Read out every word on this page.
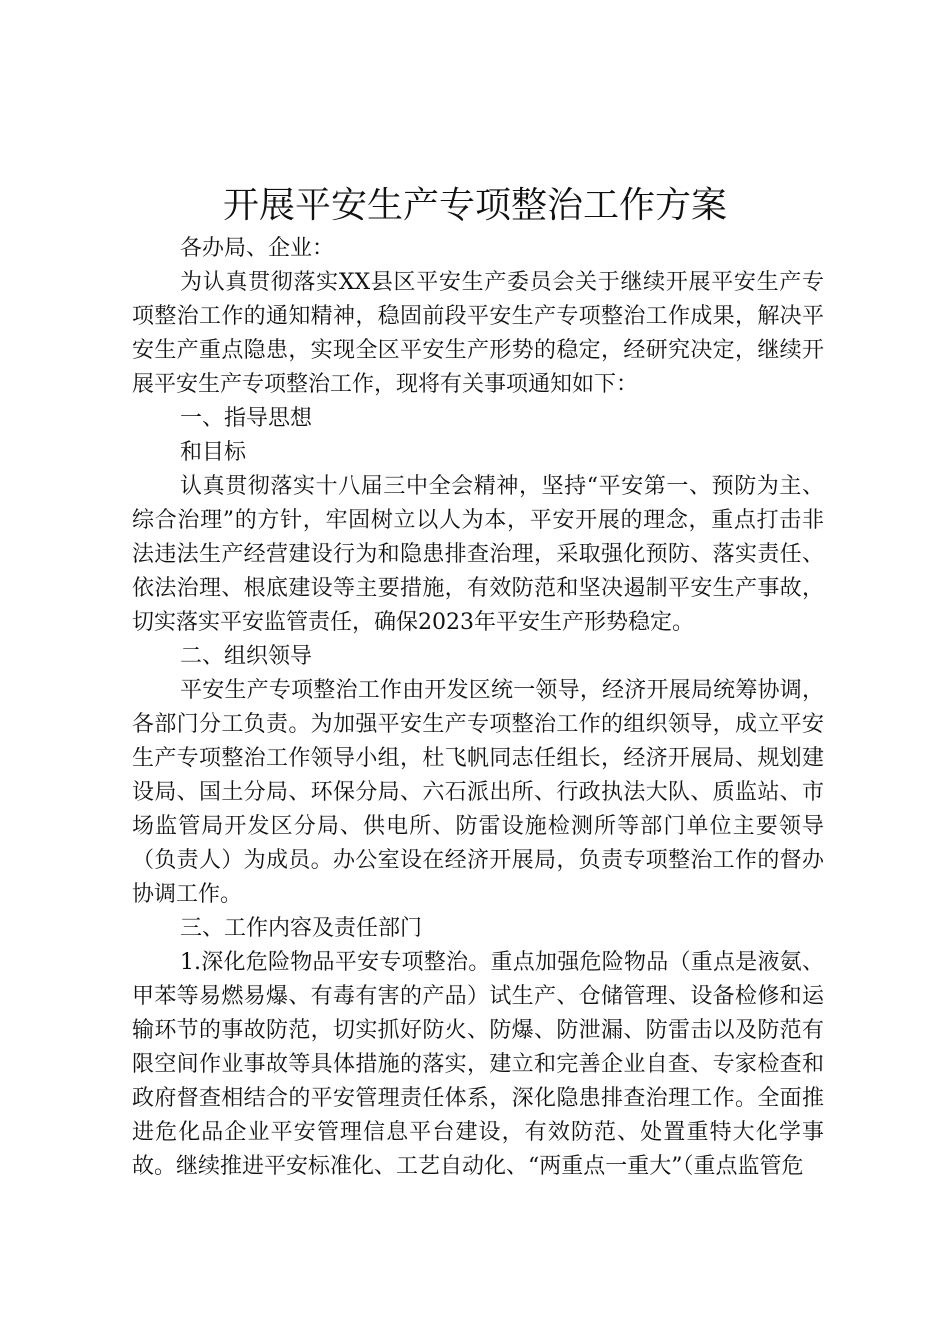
开展平安生产专项整治工作方案

各办局、企业：

为认真贯彻落实XX县区平安生产委员会关于继续开展平安生产专项整治工作的通知精神，稳固前段平安生产专项整治工作成果，解决平安生产重点隐患，实现全区平安生产形势的稳定，经研究决定，继续开展平安生产专项整治工作，现将有关事项通知如下：

一、指导思想

和目标

认真贯彻落实十八届三中全会精神，坚持“平安第一、预防为主、综合治理”的方针，牢固树立以人为本，平安开展的理念，重点打击非法违法生产经营建设行为和隐患排查治理，采取强化预防、落实责任、依法治理、根底建设等主要措施，有效防范和坚决遏制平安生产事故，切实落实平安监管责任，确保2023年平安生产形势稳定。

二、组织领导

平安生产专项整治工作由开发区统一领导，经济开展局统筹协调，各部门分工负责。为加强平安生产专项整治工作的组织领导，成立平安生产专项整治工作领导小组，杜飞帆同志任组长，经济开展局、规划建设局、国土分局、环保分局、六石派出所、行政执法大队、质监站、市场监管局开发区分局、供电所、防雷设施检测所等部门单位主要领导（负责人）为成员。办公室设在经济开展局，负责专项整治工作的督办协调工作。

三、工作内容及责任部门

1.深化危险物品平安专项整治。重点加强危险物品（重点是液氨、甲苯等易燃易爆、有毒有害的产品）试生产、仓储管理、设备检修和运输环节的事故防范，切实抓好防火、防爆、防泄漏、防雷击以及防范有限空间作业事故等具体措施的落实，建立和完善企业自查、专家检查和政府督查相结合的平安管理责任体系，深化隐患排查治理工作。全面推进危化品企业平安管理信息平台建设，有效防范、处置重特大化学事故。继续推进平安标准化、工艺自动化、“两重点一重大”（重点监管危
